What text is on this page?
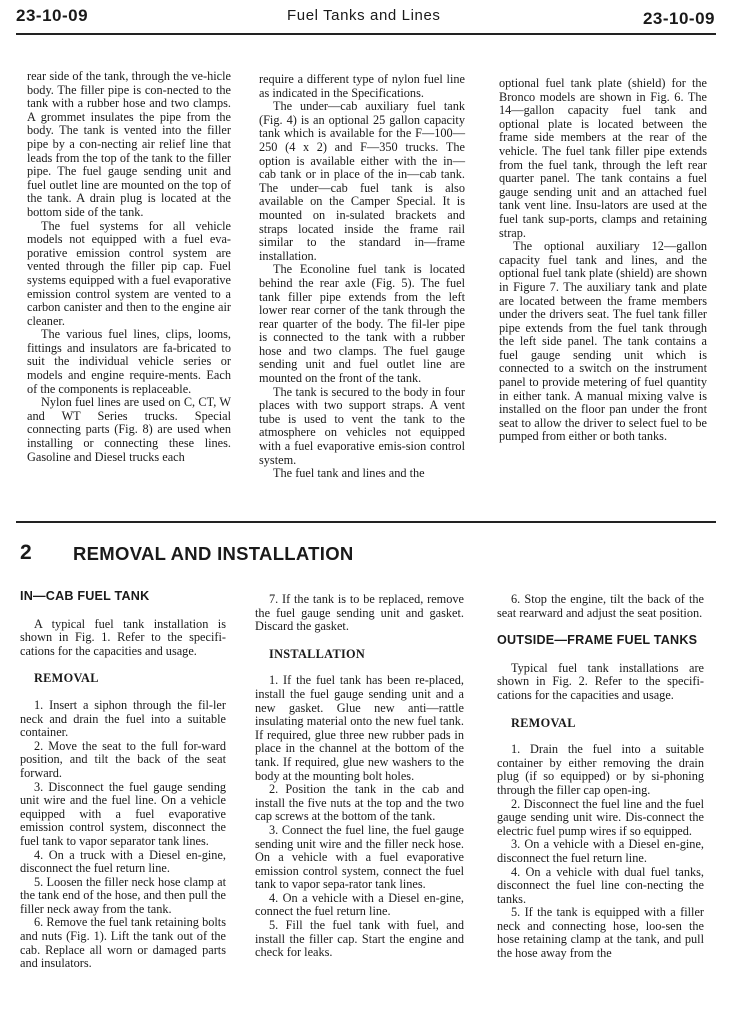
23-10-09	Fuel Tanks and Lines	23-10-09

rear side of the tank, through the ve-hicle body. The filler pipe is con-nected to the tank with a rubber hose and two clamps. A grommet insulates the pipe from the body. The tank is vented into the filler pipe by a con-necting air relief line that leads from the top of the tank to the filler pipe. The fuel gauge sending unit and fuel outlet line are mounted on the top of the tank. A drain plug is located at the bottom side of the tank.

The fuel systems for all vehicle models not equipped with a fuel eva-porative emission control system are vented through the filler pip cap. Fuel systems equipped with a fuel evaporative emission control system are vented to a carbon canister and then to the engine air cleaner.

The various fuel lines, clips, looms, fittings and insulators are fa-bricated to suit the individual vehicle series or models and engine require-ments. Each of the components is replaceable.

Nylon fuel lines are used on C, CT, W and WT Series trucks. Special connecting parts (Fig. 8) are used when installing or connecting these lines. Gasoline and Diesel trucks each

require a different type of nylon fuel line as indicated in the Specifications.

The under—cab auxiliary fuel tank (Fig. 4) is an optional 25 gallon capacity tank which is available for the F—100—250 (4 x 2) and F—350 trucks. The option is available either with the in—cab tank or in place of the in—cab tank. The under—cab fuel tank is also available on the Camper Special. It is mounted on in-sulated brackets and straps located inside the frame rail similar to the standard in—frame installation.

The Econoline fuel tank is located behind the rear axle (Fig. 5). The fuel tank filler pipe extends from the left lower rear corner of the tank through the rear quarter of the body. The fil-ler pipe is connected to the tank with a rubber hose and two clamps. The fuel gauge sending unit and fuel outlet line are mounted on the front of the tank.

The tank is secured to the body in four places with two support straps. A vent tube is used to vent the tank to the atmosphere on vehicles not equipped with a fuel evaporative emis-sion control system.

The fuel tank and lines and the

optional fuel tank plate (shield) for the Bronco models are shown in Fig. 6. The 14—gallon capacity fuel tank and optional plate is located between the frame side members at the rear of the vehicle. The fuel tank filler pipe extends from the fuel tank, through the left rear quarter panel. The tank contains a fuel gauge sending unit and an attached fuel tank vent line. Insu-lators are used at the fuel tank sup-ports, clamps and retaining strap.

The optional auxiliary 12—gallon capacity fuel tank and lines, and the optional fuel tank plate (shield) are shown in Figure 7. The auxiliary tank and plate are located between the frame members under the drivers seat. The fuel tank filler pipe extends from the fuel tank through the left side panel. The tank contains a fuel gauge sending unit which is connected to a switch on the instrument panel to provide metering of fuel quantity in either tank. A manual mixing valve is installed on the floor pan under the front seat to allow the driver to select fuel to be pumped from either or both tanks.

2 REMOVAL AND INSTALLATION
IN—CAB FUEL TANK

A typical fuel tank installation is shown in Fig. 1. Refer to the specifi-cations for the capacities and usage.

REMOVAL

1. Insert a siphon through the fil-ler neck and drain the fuel into a suitable container.

2. Move the seat to the full for-ward position, and tilt the back of the seat forward.

3. Disconnect the fuel gauge sending unit wire and the fuel line. On a vehicle equipped with a fuel evaporative emission control system, disconnect the fuel tank to vapor separator tank lines.

4. On a truck with a Diesel en-gine, disconnect the fuel return line.

5. Loosen the filler neck hose clamp at the tank end of the hose, and then pull the filler neck away from the tank.

6. Remove the fuel tank retaining bolts and nuts (Fig. 1). Lift the tank out of the cab. Replace all worn or damaged parts and insulators.

7. If the tank is to be replaced, remove the fuel gauge sending unit and gasket. Discard the gasket.

INSTALLATION

1. If the fuel tank has been re-placed, install the fuel gauge sending unit and a new gasket. Glue new anti—rattle insulating material onto the new fuel tank. If required, glue three new rubber pads in place in the channel at the bottom of the tank. If required, glue new washers to the body at the mounting bolt holes.

2. Position the tank in the cab and install the five nuts at the top and the two cap screws at the bottom of the tank.

3. Connect the fuel line, the fuel gauge sending unit wire and the filler neck hose. On a vehicle with a fuel evaporative emission control system, connect the fuel tank to vapor sepa-rator tank lines.

4. On a vehicle with a Diesel en-gine, connect the fuel return line.

5. Fill the fuel tank with fuel, and install the filler cap. Start the engine and check for leaks.

6. Stop the engine, tilt the back of the seat rearward and adjust the seat position.

OUTSIDE—FRAME FUEL TANKS

Typical fuel tank installations are shown in Fig. 2. Refer to the specifi-cations for the capacities and usage.

REMOVAL

1. Drain the fuel into a suitable container by either removing the drain plug (if so equipped) or by si-phoning through the filler cap open-ing.

2. Disconnect the fuel line and the fuel gauge sending unit wire. Dis-connect the electric fuel pump wires if so equipped.

3. On a vehicle with a Diesel en-gine, disconnect the fuel return line.

4. On a vehicle with dual fuel tanks, disconnect the fuel line con-necting the tanks.

5. If the tank is equipped with a filler neck and connecting hose, loo-sen the hose retaining clamp at the tank, and pull the hose away from the
